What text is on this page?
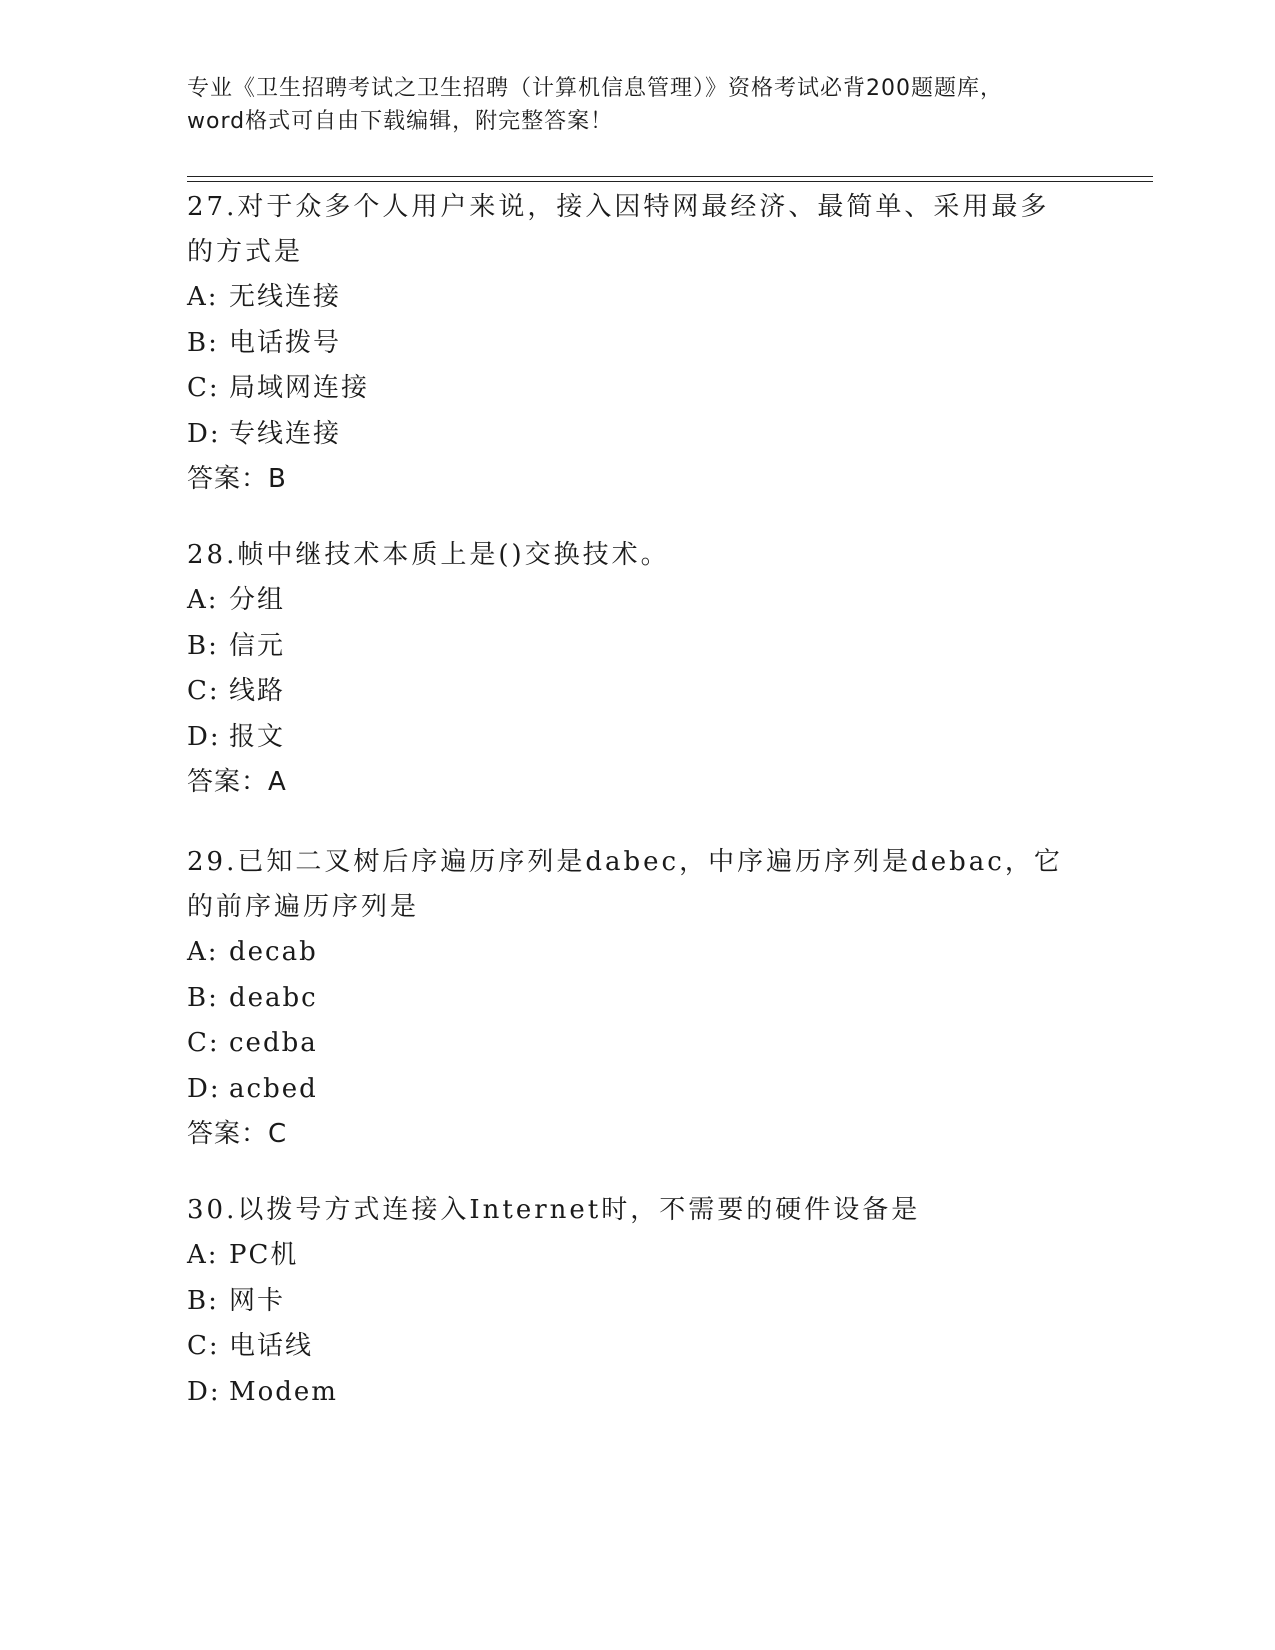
专业《卫生招聘考试之卫生招聘（计算机信息管理）》资格考试必背200题题库，
word格式可自由下载编辑，附完整答案！

27.对于众多个人用户来说，接入因特网最经济、最简单、采用最多的方式是

A: 无线连接
B: 电话拨号
C: 局域网连接
D: 专线连接
答案：B

28.帧中继技术本质上是()交换技术。

A: 分组
B: 信元
C: 线路
D: 报文
答案：A

29.已知二叉树后序遍历序列是dabec，中序遍历序列是debac，它的前序遍历序列是

A: decab
B: deabc
C: cedba
D: acbed
答案：C

30.以拨号方式连接入Internet时，不需要的硬件设备是

A: PC机
B: 网卡
C: 电话线
D: Modem
